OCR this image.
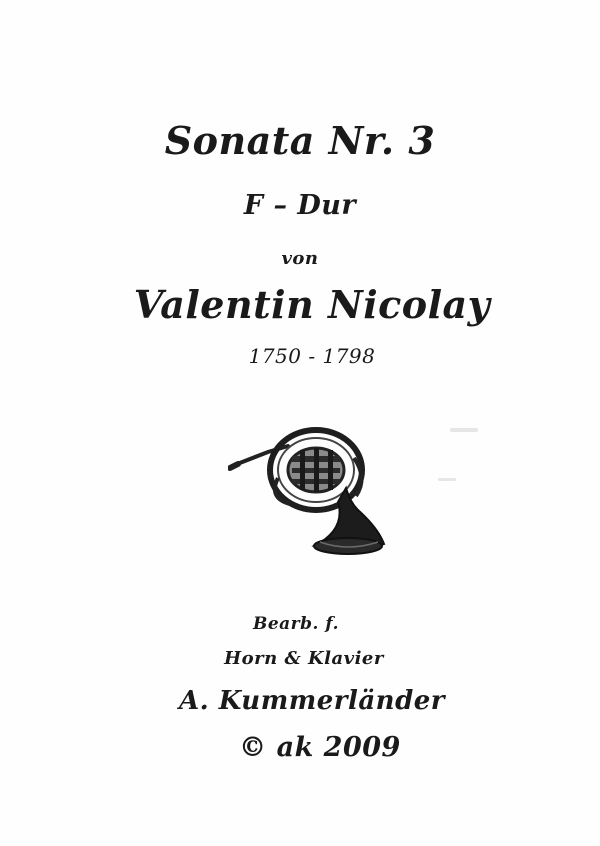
Sonata Nr. 3
F – Dur
von
Valentin Nicolay
1750 - 1798
Bearb. f.
Horn & Klavier
A. Kummerländer
© ak 2009
